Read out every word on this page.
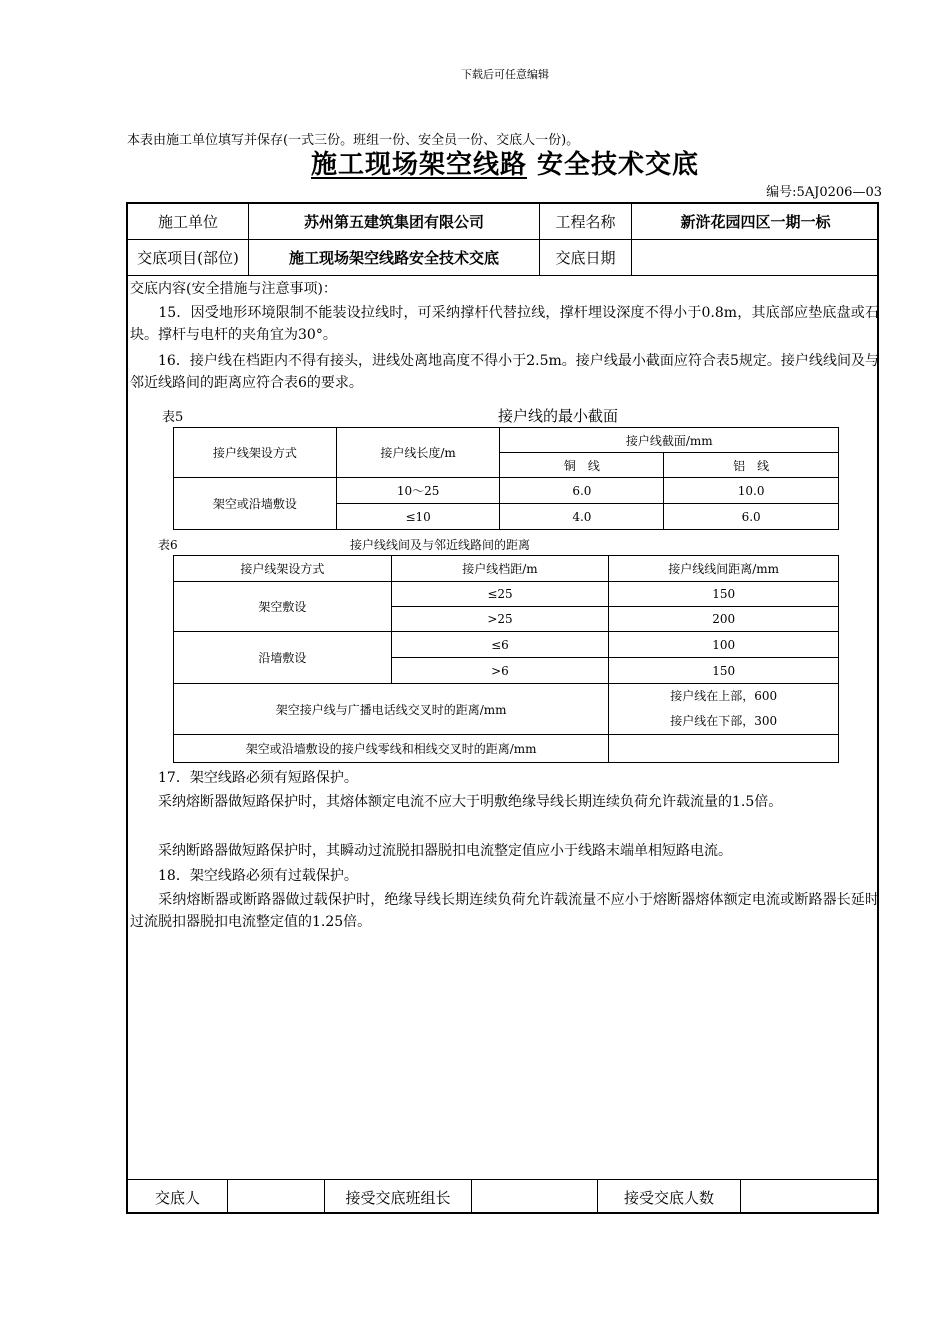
下载后可任意编辑
本表由施工单位填写并保存(一式三份。班组一份、安全员一份、交底人一份)。
施工现场架空线路 安全技术交底
编号:5AJ0206—03
施工单位	苏州第五建筑集团有限公司	工程名称	新浒花园四区一期一标
交底项目(部位)	施工现场架空线路安全技术交底	交底日期
交底内容(安全措施与注意事项)：
　　15．因受地形环境限制不能装设拉线时，可采纳撑杆代替拉线，撑杆埋设深度不得小于0.8m，其底部应垫底盘或石块。撑杆与电杆的夹角宜为30°。
　　16．接户线在档距内不得有接头，进线处离地高度不得小于2.5m。接户线最小截面应符合表5规定。接户线线间及与邻近线路间的距离应符合表6的要求。
表5	接户线的最小截面
接户线架设方式	接户线长度/m	接户线截面/mm	
		铜　线	铝　线
架空或沿墙敷设	10～25	6.0	10.0
	≤10	4.0	6.0
表6	接户线线间及与邻近线路间的距离
接户线架设方式	接户线档距/m	接户线线间距离/mm
架空敷设	≤25	150
	>25	200
沿墙敷设	≤6	100
	>6	150
架空接户线与广播电话线交叉时的距离/mm		接户线在上部，600
接户线在下部，300

架空或沿墙敷设的接户线零线和相线交叉时的距离/mm		
　　17．架空线路必须有短路保护。
　　采纳熔断器做短路保护时，其熔体额定电流不应大于明敷绝缘导线长期连续负荷允许载流量的1.5倍。
　　采纳断路器做短路保护时，其瞬动过流脱扣器脱扣电流整定值应小于线路末端单相短路电流。
　　18．架空线路必须有过载保护。
　　采纳熔断器或断路器做过载保护时，绝缘导线长期连续负荷允许载流量不应小于熔断器熔体额定电流或断路器长延时过流脱扣器脱扣电流整定值的1.25倍。
交底人	接受交底班组长	接受交底人数
